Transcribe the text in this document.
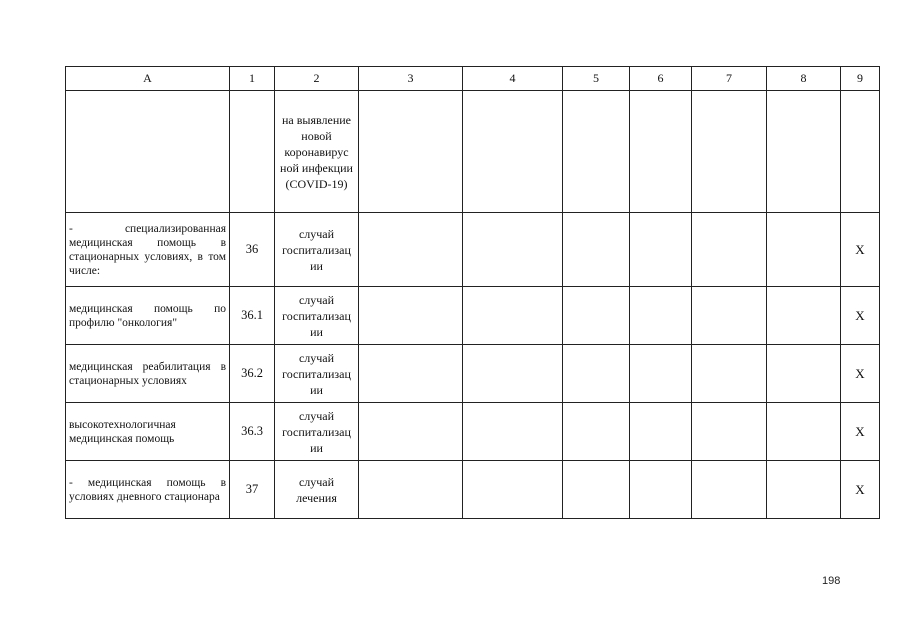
А	1	2	3	4	5	6	7	8	9
		на выявление новой коронавирус ной инфекции (COVID-19)							
- специализированная медицинская помощь в стационарных условиях, в том числе:	36	случай госпитализац ии							Х
медицинская помощь по профилю "онкология"	36.1	случай госпитализац ии							Х
медицинская реабилитация в стационарных условиях	36.2	случай госпитализац ии							Х
высокотехнологичная медицинская помощь	36.3	случай госпитализац ии							Х
- медицинская помощь в условиях дневного стационара	37	случай лечения							Х
198
